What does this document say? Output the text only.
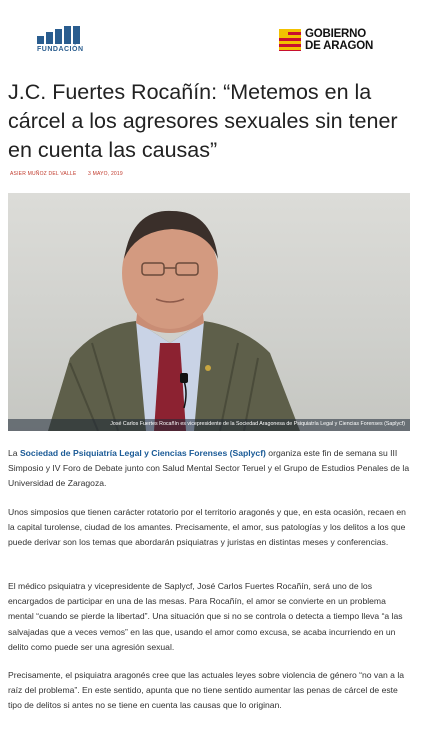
FUNDACIÓN
GOBIERNO
DE ARAGON
J.C. Fuertes Rocañín: “Metemos en la cárcel a los agresores sexuales sin tener en cuenta las causas”
ASIER MUÑOZ DEL VALLE 3 MAYO, 2019
José Carlos Fuertes Rocañín es vicepresidente de la Sociedad Aragonesa de Psiquiatría Legal y Ciencias Forenses (Saplycf)

La Sociedad de Psiquiatría Legal y Ciencias Forenses (Saplycf) organiza este fin de semana su III Simposio y IV Foro de Debate junto con Salud Mental Sector Teruel y el Grupo de Estudios Penales de la Universidad de Zaragoza.

Unos simposios que tienen carácter rotatorio por el territorio aragonés y que, en esta ocasión, recaen en la capital turolense, ciudad de los amantes. Precisamente, el amor, sus patologías y los delitos a los que puede derivar son los temas que abordarán psiquiatras y juristas en distintas meses y conferencias.

El médico psiquiatra y vicepresidente de Saplycf, José Carlos Fuertes Rocañín, será uno de los encargados de participar en una de las mesas. Para Rocañín, el amor se convierte en un problema mental “cuando se pierde la libertad”. Una situación que si no se controla o detecta a tiempo lleva “a las salvajadas que a veces vemos” en las que, usando el amor como excusa, se acaba incurriendo en un delito como puede ser una agresión sexual.

Precisamente, el psiquiatra aragonés cree que las actuales leyes sobre violencia de género “no van a la raíz del problema”. En este sentido, apunta que no tiene sentido aumentar las penas de cárcel de este tipo de delitos si antes no se tiene en cuenta las causas que lo originan.
